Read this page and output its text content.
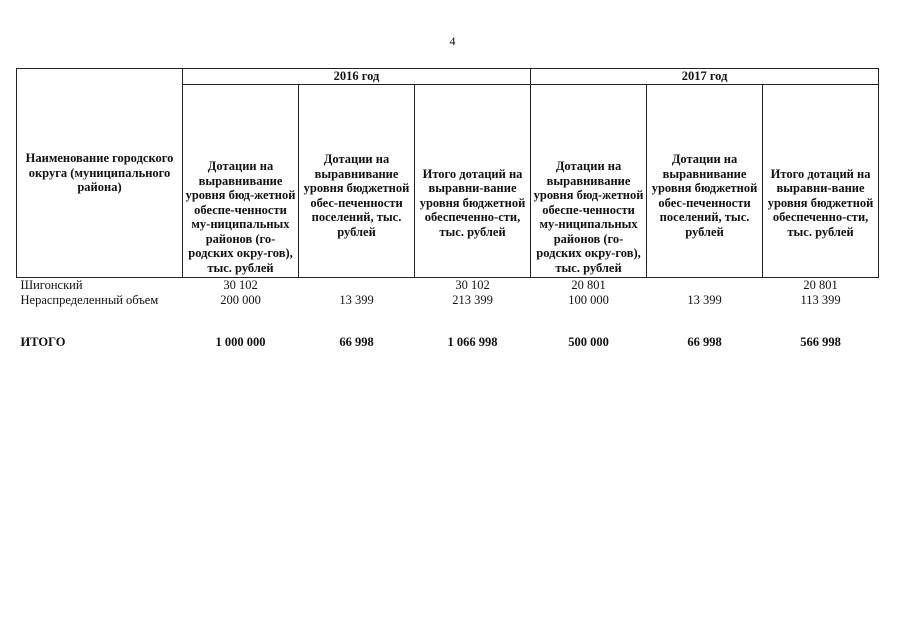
4
Наименование городского округа (муниципального района)	2016 год			2017 год		
	Дотации на выравнивание уровня бюд-жетной обеспе-ченности му-ниципальных районов (го-родских окру-гов), тыс. рублей	Дотации на выравнивание уровня бюджетной обес-печенности поселений, тыс. рублей	Итого дотаций на выравни-вание уровня бюджетной обеспеченно-сти, тыс. рублей	Дотации на выравнивание уровня бюд-жетной обеспе-ченности му-ниципальных районов (го-родских окру-гов), тыс. рублей	Дотации на выравнивание уровня бюджетной обес-печенности поселений, тыс. рублей	Итого дотаций на выравни-вание уровня бюджетной обеспеченно-сти, тыс. рублей
Шигонский	30 102		30 102	20 801		20 801
Нераспределенный объем	200 000	13 399	213 399	100 000	13 399	113 399
ИТОГО	1 000 000	66 998	1 066 998	500 000	66 998	566 998
